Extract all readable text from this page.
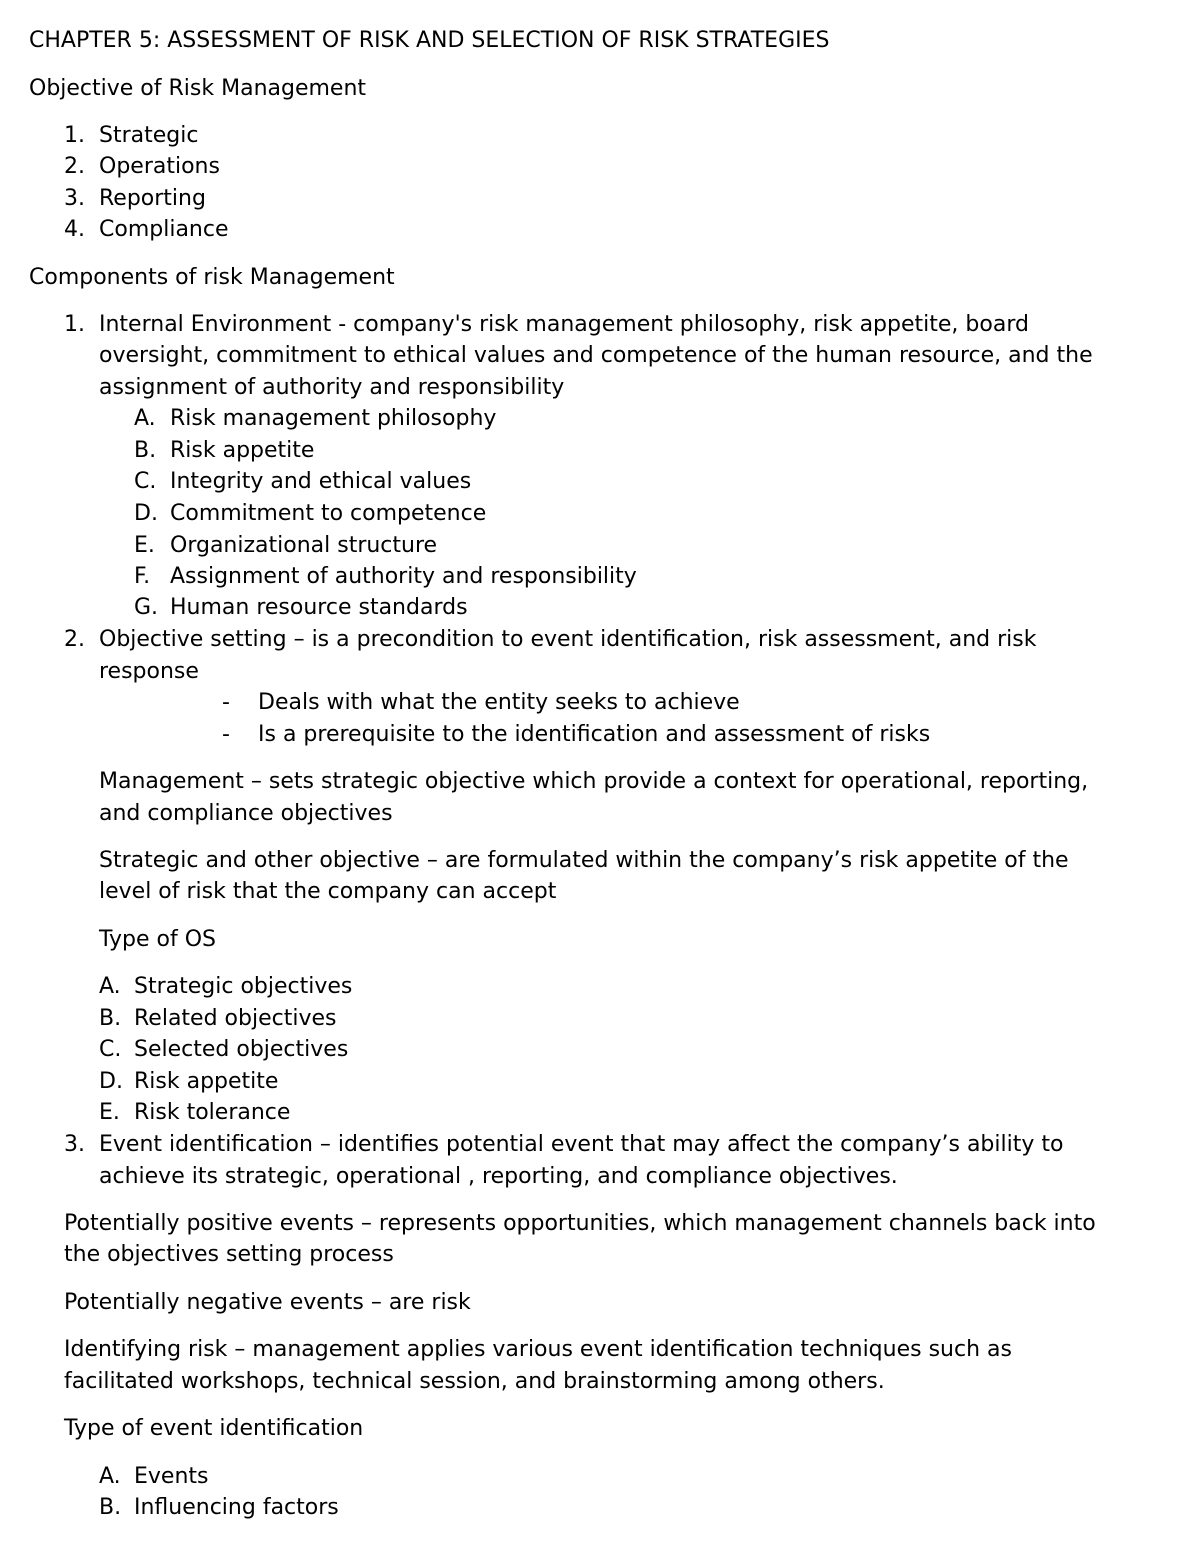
CHAPTER 5: ASSESSMENT OF RISK AND SELECTION OF RISK STRATEGIES
Objective of Risk Management
1. Strategic
2. Operations
3. Reporting
4. Compliance
Components of risk Management
1. Internal Environment - company's risk management philosophy, risk appetite, board
oversight, commitment to ethical values and competence of the human resource, and the
assignment of authority and responsibility
A. Risk management philosophy
B. Risk appetite
C. Integrity and ethical values
D. Commitment to competence
E. Organizational structure
F. Assignment of authority and responsibility
G. Human resource standards
2. Objective setting – is a precondition to event identification, risk assessment, and risk
response
- Deals with what the entity seeks to achieve
- Is a prerequisite to the identification and assessment of risks
Management – sets strategic objective which provide a context for operational, reporting,
and compliance objectives
Strategic and other objective – are formulated within the company’s risk appetite of the
level of risk that the company can accept
Type of OS
A. Strategic objectives
B. Related objectives
C. Selected objectives
D. Risk appetite
E. Risk tolerance
3. Event identification – identifies potential event that may affect the company’s ability to
achieve its strategic, operational , reporting, and compliance objectives.
Potentially positive events – represents opportunities, which management channels back into
the objectives setting process
Potentially negative events – are risk
Identifying risk – management applies various event identification techniques such as
facilitated workshops, technical session, and brainstorming among others.
Type of event identification
A. Events
B. Influencing factors
